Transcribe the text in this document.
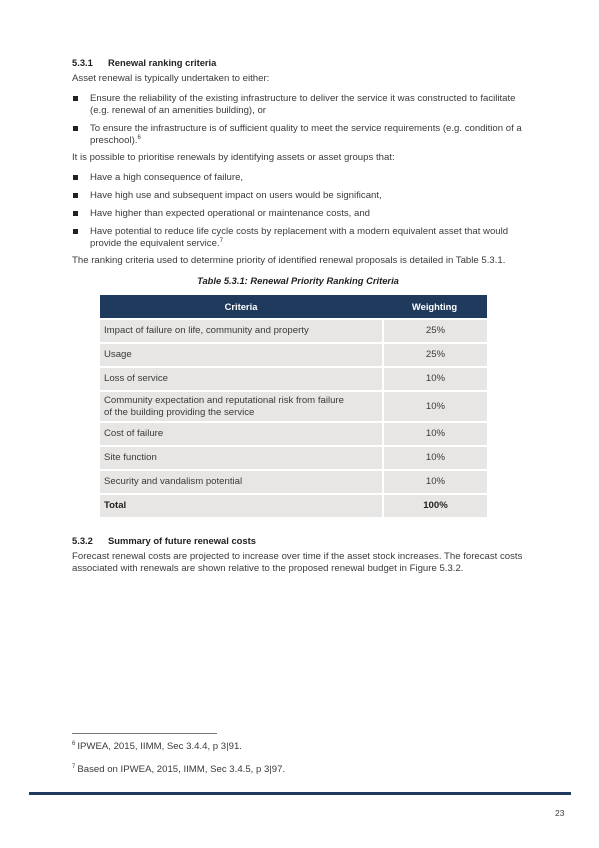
5.3.1	Renewal ranking criteria

Asset renewal is typically undertaken to either:

Ensure the reliability of the existing infrastructure to deliver the service it was constructed to facilitate (e.g. renewal of an amenities building), or
To ensure the infrastructure is of sufficient quality to meet the service requirements (e.g. condition of a preschool).$^6$

It is possible to prioritise renewals by identifying assets or asset groups that:

Have a high consequence of failure,
Have high use and subsequent impact on users would be significant,
Have higher than expected operational or maintenance costs, and
Have potential to reduce life cycle costs by replacement with a modern equivalent asset that would provide the equivalent service.$^7$

The ranking criteria used to determine priority of identified renewal proposals is detailed in Table 5.3.1.

Table 5.3.1: Renewal Priority Ranking Criteria

Criteria	Weighting
Impact of failure on life, community and property	25%
Usage	25%
Loss of service	10%
Community expectation and reputational risk from failure of the building providing the service	10%
Cost of failure	10%
Site function	10%
Security and vandalism potential	10%
Total	100%
5.3.2	Summary of future renewal costs

Forecast renewal costs are projected to increase over time if the asset stock increases. The forecast costs associated with renewals are shown relative to the proposed renewal budget in Figure 5.3.2.

$^6$ IPWEA, 2015, IIMM, Sec 3.4.4, p 3|91.

$^7$ Based on IPWEA, 2015, IIMM, Sec 3.4.5, p 3|97.

23
